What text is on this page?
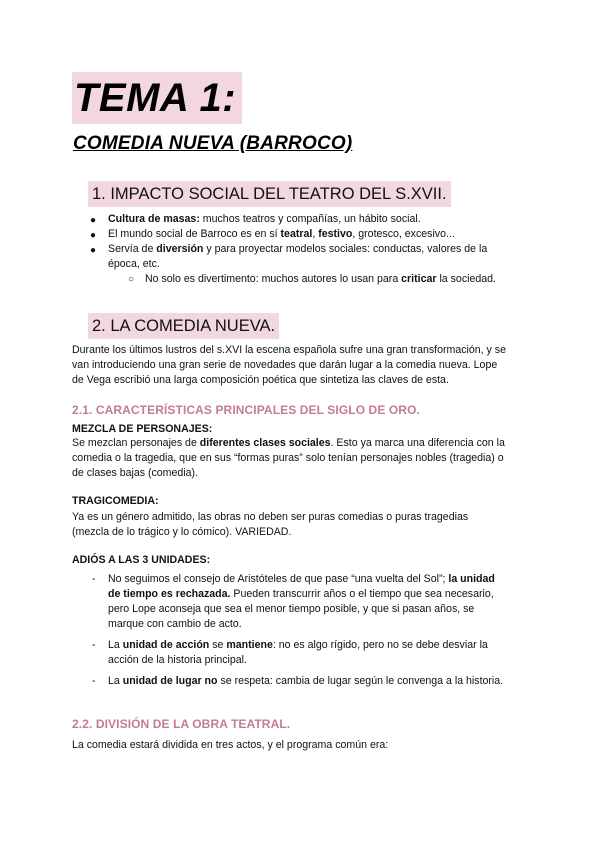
TEMA 1:
COMEDIA NUEVA (BARROCO)
1. IMPACTO SOCIAL DEL TEATRO DEL S.XVII.
● Cultura de masas: muchos teatros y compañías, un hábito social.
● El mundo social de Barroco es en sí teatral, festivo, grotesco, excesivo...
● Servía de diversión y para proyectar modelos sociales: conductas, valores de la
época, etc.
○ No solo es divertimento: muchos autores lo usan para criticar la sociedad.
2. LA COMEDIA NUEVA.
Durante los últimos lustros del s.XVI la escena española sufre una gran transformación, y se
van introduciendo una gran serie de novedades que darán lugar a la comedia nueva. Lope
de Vega escribió una larga composición poética que sintetiza las claves de esta.
2.1. CARACTERÍSTICAS PRINCIPALES DEL SIGLO DE ORO.
MEZCLA DE PERSONAJES:
Se mezclan personajes de diferentes clases sociales. Esto ya marca una diferencia con la
comedia o la tragedia, que en sus “formas puras” solo tenían personajes nobles (tragedia) o
de clases bajas (comedia).
TRAGICOMEDIA:
Ya es un género admitido, las obras no deben ser puras comedias o puras tragedias
(mezcla de lo trágico y lo cómico). VARIEDAD.
ADIÓS A LAS 3 UNIDADES:
- No seguimos el consejo de Aristóteles de que pase “una vuelta del Sol”; la unidad
de tiempo es rechazada. Pueden transcurrir años o el tiempo que sea necesario,
pero Lope aconseja que sea el menor tiempo posible, y que si pasan años, se
marque con cambio de acto.
- La unidad de acción se mantiene: no es algo rígido, pero no se debe desviar la
acción de la historia principal.
- La unidad de lugar no se respeta: cambia de lugar según le convenga a la historia.
2.2. DIVISIÓN DE LA OBRA TEATRAL.
La comedia estará dividida en tres actos, y el programa común era:
